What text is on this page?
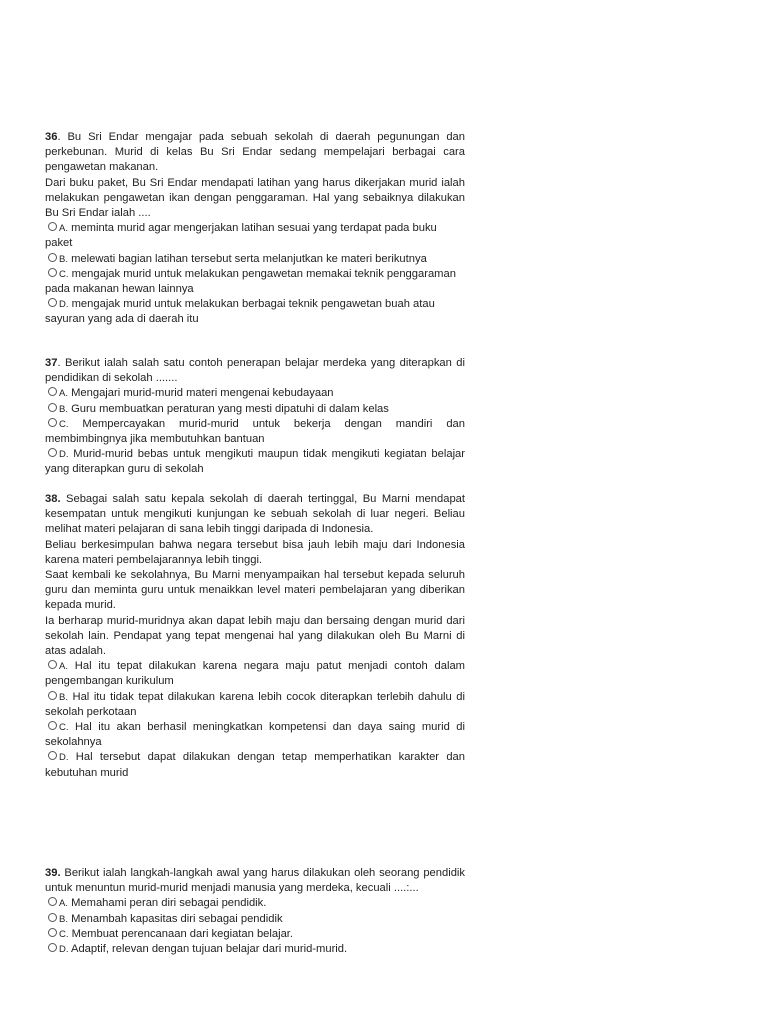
36. Bu Sri Endar mengajar pada sebuah sekolah di daerah pegunungan dan perkebunan. Murid di kelas Bu Sri Endar sedang mempelajari berbagai cara pengawetan makanan.

Dari buku paket, Bu Sri Endar mendapati latihan yang harus dikerjakan murid ialah melakukan pengawetan ikan dengan penggaraman. Hal yang sebaiknya dilakukan Bu Sri Endar ialah ....

A. meminta murid agar mengerjakan latihan sesuai yang terdapat pada buku paket

B. melewati bagian latihan tersebut serta melanjutkan ke materi berikutnya

C. mengajak murid untuk melakukan pengawetan memakai teknik penggaraman pada makanan hewan lainnya

D. mengajak murid untuk melakukan berbagai teknik pengawetan buah atau sayuran yang ada di daerah itu

37. Berikut ialah salah satu contoh penerapan belajar merdeka yang diterapkan di pendidikan di sekolah .......

A. Mengajari murid-murid materi mengenai kebudayaan

B. Guru membuatkan peraturan yang mesti dipatuhi di dalam kelas

C. Mempercayakan murid-murid untuk bekerja dengan mandiri dan membimbingnya jika membutuhkan bantuan

D. Murid-murid bebas untuk mengikuti maupun tidak mengikuti kegiatan belajar yang diterapkan guru di sekolah

38. Sebagai salah satu kepala sekolah di daerah tertinggal, Bu Marni mendapat kesempatan untuk mengikuti kunjungan ke sebuah sekolah di luar negeri. Beliau melihat materi pelajaran di sana lebih tinggi daripada di Indonesia.

Beliau berkesimpulan bahwa negara tersebut bisa jauh lebih maju dari Indonesia karena materi pembelajarannya lebih tinggi.

Saat kembali ke sekolahnya, Bu Marni menyampaikan hal tersebut kepada seluruh guru dan meminta guru untuk menaikkan level materi pembelajaran yang diberikan kepada murid.

Ia berharap murid-muridnya akan dapat lebih maju dan bersaing dengan murid dari sekolah lain. Pendapat yang tepat mengenai hal yang dilakukan oleh Bu Marni di atas adalah.

A. Hal itu tepat dilakukan karena negara maju patut menjadi contoh dalam pengembangan kurikulum

B. Hal itu tidak tepat dilakukan karena lebih cocok diterapkan terlebih dahulu di sekolah perkotaan

C. Hal itu akan berhasil meningkatkan kompetensi dan daya saing murid di sekolahnya

D. Hal tersebut dapat dilakukan dengan tetap memperhatikan karakter dan kebutuhan murid

39. Berikut ialah langkah-langkah awal yang harus dilakukan oleh seorang pendidik untuk menuntun murid-murid menjadi manusia yang merdeka, kecuali ....:...

A. Memahami peran diri sebagai pendidik.

B. Menambah kapasitas diri sebagai pendidik

C. Membuat perencanaan dari kegiatan belajar.

D. Adaptif, relevan dengan tujuan belajar dari murid-murid.
